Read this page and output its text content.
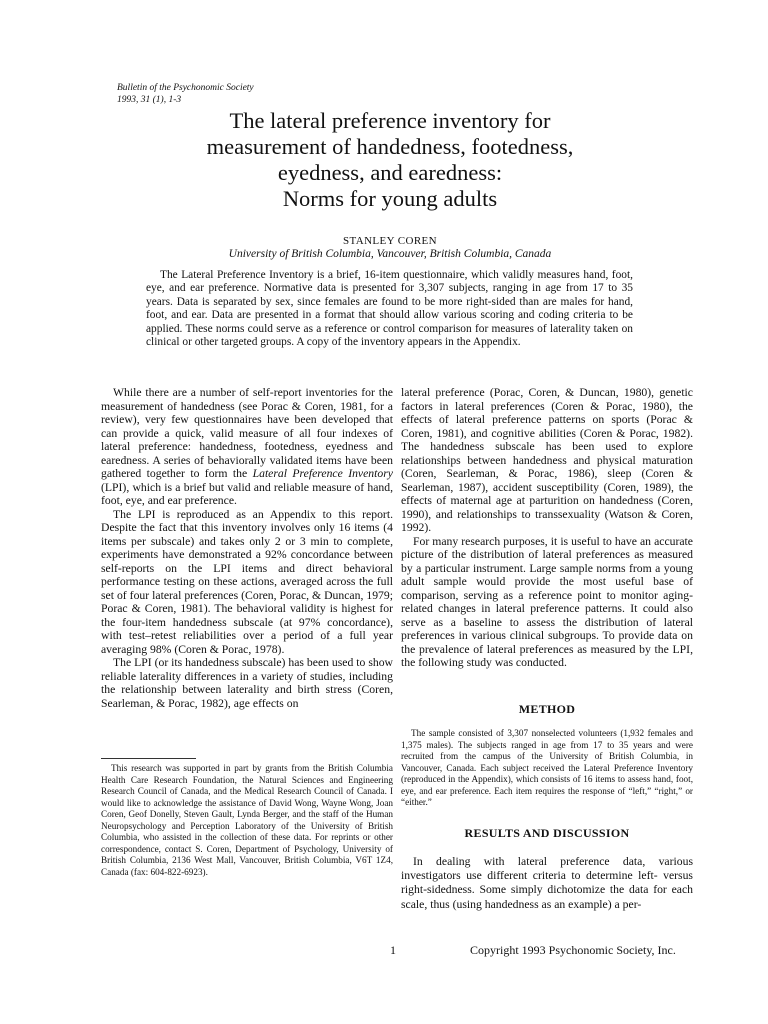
Bulletin of the Psychonomic Society
1993, 31 (1), 1-3
The lateral preference inventory for
measurement of handedness, footedness,
eyedness, and earedness:
Norms for young adults
STANLEY COREN
University of British Columbia, Vancouver, British Columbia, Canada

The Lateral Preference Inventory is a brief, 16-item questionnaire, which validly measures hand, foot, eye, and ear preference. Normative data is presented for 3,307 subjects, ranging in age from 17 to 35 years. Data is separated by sex, since females are found to be more right-sided than are males for hand, foot, and ear. Data are presented in a format that should allow various scoring and coding criteria to be applied. These norms could serve as a reference or control comparison for measures of laterality taken on clinical or other targeted groups. A copy of the inventory appears in the Appendix.

While there are a number of self-report inventories for the measurement of handedness (see Porac & Coren, 1981, for a review), very few questionnaires have been developed that can provide a quick, valid measure of all four indexes of lateral preference: handedness, footedness, eyedness and earedness. A series of behaviorally validated items have been gathered together to form the Lateral Preference Inventory (LPI), which is a brief but valid and reliable measure of hand, foot, eye, and ear preference.

The LPI is reproduced as an Appendix to this report. Despite the fact that this inventory involves only 16 items (4 items per subscale) and takes only 2 or 3 min to complete, experiments have demonstrated a 92% concordance between self-reports on the LPI items and direct behavioral performance testing on these actions, averaged across the full set of four lateral preferences (Coren, Porac, & Duncan, 1979; Porac & Coren, 1981). The behavioral validity is highest for the four-item handedness subscale (at 97% concordance), with test–retest reliabilities over a period of a full year averaging 98% (Coren & Porac, 1978).

The LPI (or its handedness subscale) has been used to show reliable laterality differences in a variety of studies, including the relationship between laterality and birth stress (Coren, Searleman, & Porac, 1982), age effects on

This research was supported in part by grants from the British Columbia Health Care Research Foundation, the Natural Sciences and Engineering Research Council of Canada, and the Medical Research Council of Canada. I would like to acknowledge the assistance of David Wong, Wayne Wong, Joan Coren, Geof Donelly, Steven Gault, Lynda Berger, and the staff of the Human Neuropsychology and Perception Laboratory of the University of British Columbia, who assisted in the collection of these data. For reprints or other correspondence, contact S. Coren, Department of Psychology, University of British Columbia, 2136 West Mall, Vancouver, British Columbia, V6T 1Z4, Canada (fax: 604-822-6923).

lateral preference (Porac, Coren, & Duncan, 1980), genetic factors in lateral preferences (Coren & Porac, 1980), the effects of lateral preference patterns on sports (Porac & Coren, 1981), and cognitive abilities (Coren & Porac, 1982). The handedness subscale has been used to explore relationships between handedness and physical maturation (Coren, Searleman, & Porac, 1986), sleep (Coren & Searleman, 1987), accident susceptibility (Coren, 1989), the effects of maternal age at parturition on handedness (Coren, 1990), and relationships to transsexuality (Watson & Coren, 1992).

For many research purposes, it is useful to have an accurate picture of the distribution of lateral preferences as measured by a particular instrument. Large sample norms from a young adult sample would provide the most useful base of comparison, serving as a reference point to monitor aging-related changes in lateral preference patterns. It could also serve as a baseline to assess the distribution of lateral preferences in various clinical subgroups. To provide data on the prevalence of lateral preferences as measured by the LPI, the following study was conducted.

METHOD

The sample consisted of 3,307 nonselected volunteers (1,932 females and 1,375 males). The subjects ranged in age from 17 to 35 years and were recruited from the campus of the University of British Columbia, in Vancouver, Canada. Each subject received the Lateral Preference Inventory (reproduced in the Appendix), which consists of 16 items to assess hand, foot, eye, and ear preference. Each item requires the response of “left,” “right,” or “either.”

RESULTS AND DISCUSSION

In dealing with lateral preference data, various investigators use different criteria to determine left- versus right-sidedness. Some simply dichotomize the data for each scale, thus (using handedness as an example) a per-

1	Copyright 1993 Psychonomic Society, Inc.
